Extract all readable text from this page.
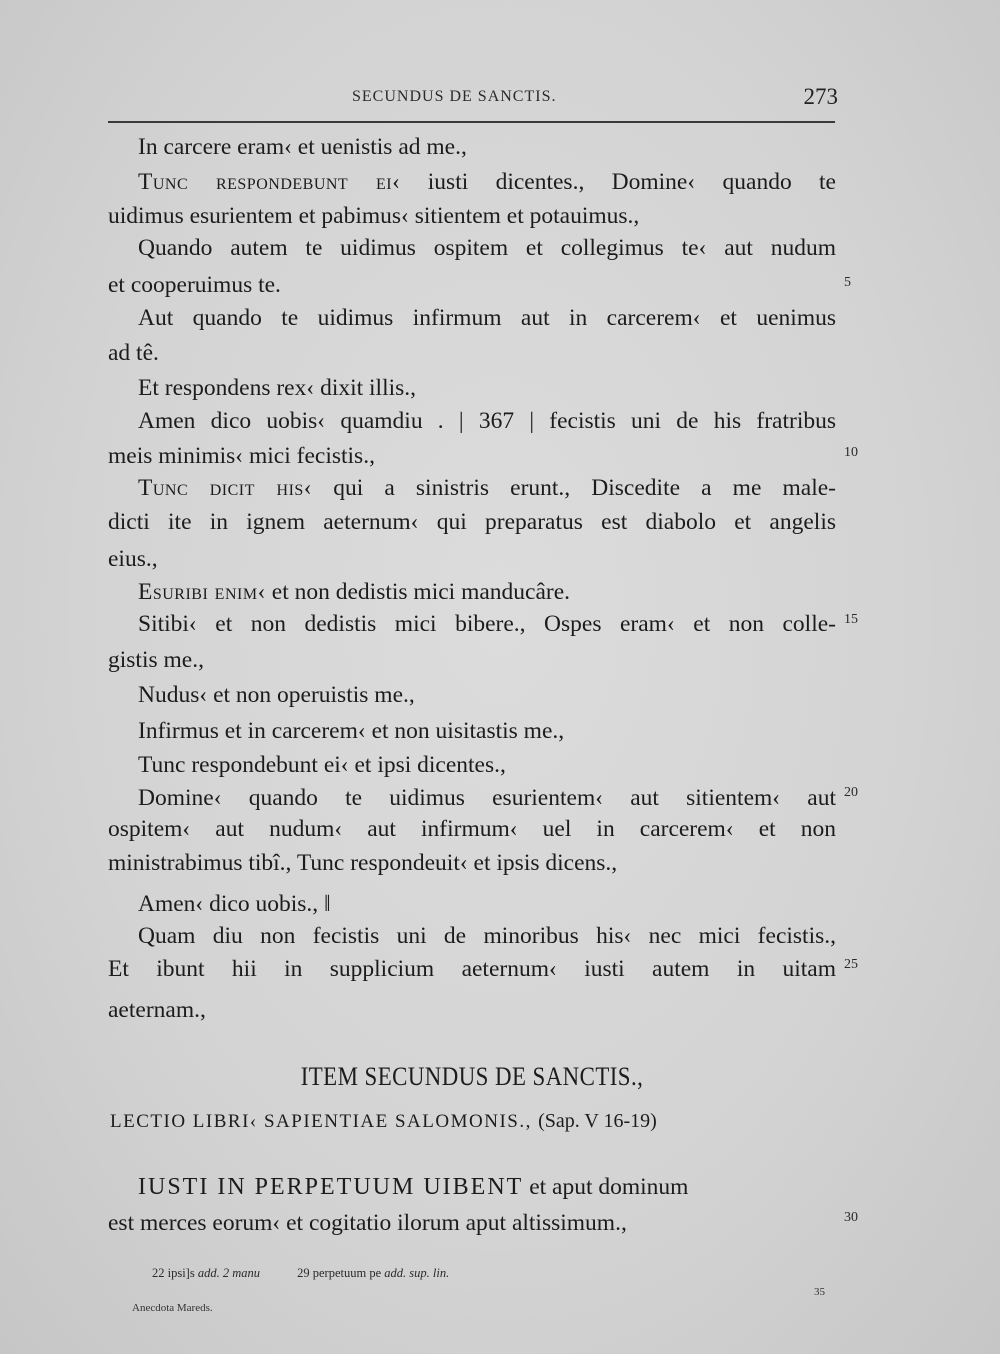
SECUNDUS DE SANCTIS.	273
In carcere eram‹ et uenistis ad me.,
Tunc respondebunt ei‹ iusti dicentes., Domine‹ quando te
uidimus esurientem et pabimus‹ sitientem et potauimus.,
Quando autem te uidimus ospitem et collegimus te‹ aut nudum
et cooperuimus te.
Aut quando te uidimus infirmum aut in carcerem‹ et uenimus
ad tê.
Et respondens rex‹ dixit illis.,
Amen dico uobis‹ quamdiu . | 367 | fecistis uni de his fratribus
meis minimis‹ mici fecistis.,
Tunc dicit his‹ qui a sinistris erunt., Discedite a me male-
dicti ite in ignem aeternum‹ qui preparatus est diabolo et angelis
eius.,
Esuribi enim‹ et non dedistis mici manducâre.
Sitibi‹ et non dedistis mici bibere., Ospes eram‹ et non colle-
gistis me.,
Nudus‹ et non operuistis me.,
Infirmus et in carcerem‹ et non uisitastis me.,
Tunc respondebunt ei‹ et ipsi dicentes.,
Domine‹ quando te uidimus esurientem‹ aut sitientem‹ aut
ospitem‹ aut nudum‹ aut infirmum‹ uel in carcerem‹ et non
ministrabimus tibî., Tunc respondeuit‹ et ipsis dicens.,
Amen‹ dico uobis., ‖
Quam diu non fecistis uni de minoribus his‹ nec mici fecistis.,
Et ibunt hii in supplicium aeternum‹ iusti autem in uitam
aeternam.,
5
10
15
20
25
30
ITEM SECUNDUS DE SANCTIS.,
LECTIO LIBRI‹ SAPIENTIAE SALOMONIS., (Sap. V 16-19)
IUSTI IN PERPETUUM UIBENT et aput dominum
est merces eorum‹ et cogitatio ilorum aput altissimum.,
22 ipsi]s add. 2 manu	29 perpetuum pe add. sup. lin.
35
Anecdota Mareds.
